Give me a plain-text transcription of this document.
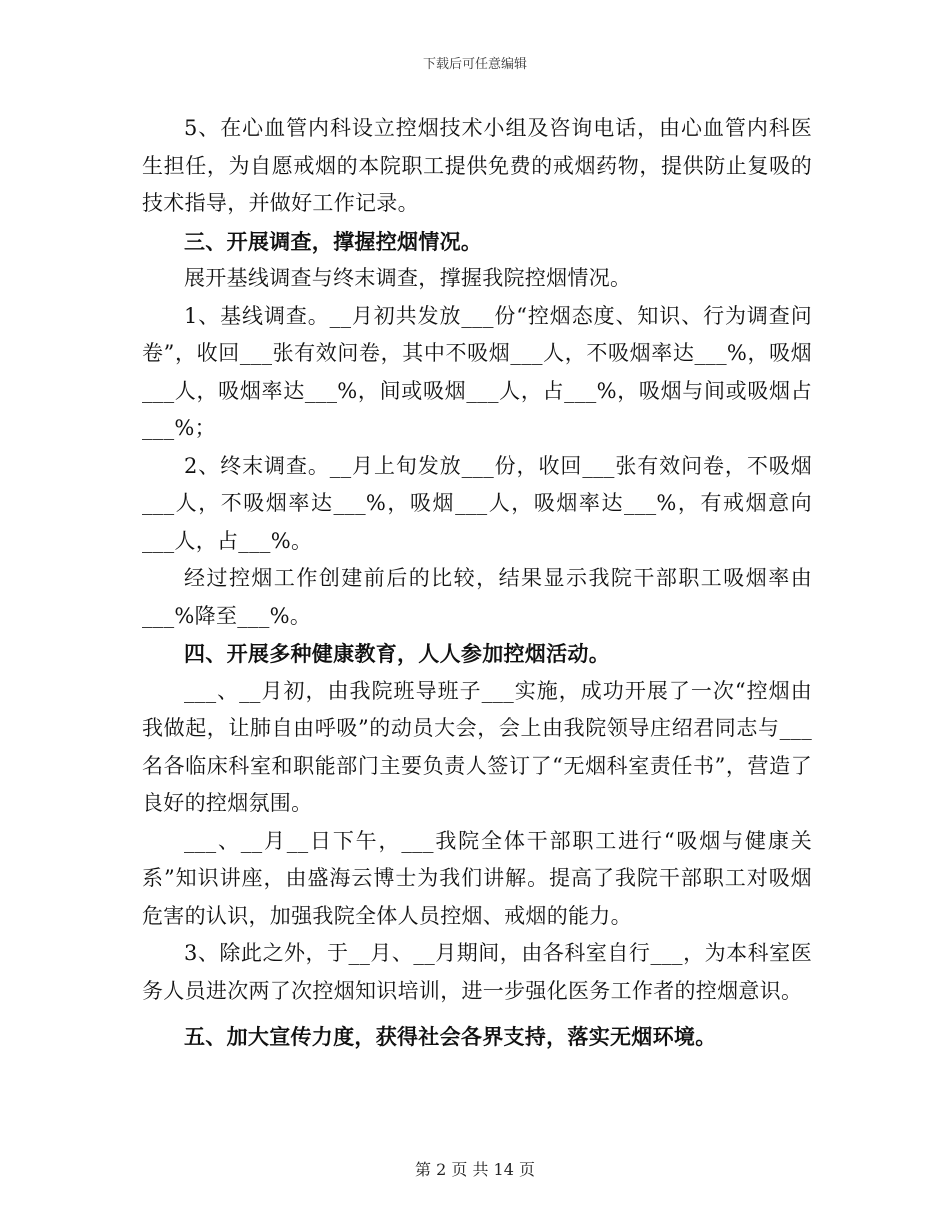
下载后可任意编辑

5、在心血管内科设立控烟技术小组及咨询电话，由心血管内科医生担任，为自愿戒烟的本院职工提供免费的戒烟药物，提供防止复吸的技术指导，并做好工作记录。

三、开展调查，撑握控烟情况。

展开基线调查与终末调查，撑握我院控烟情况。

1、基线调查。__月初共发放___份“控烟态度、知识、行为调查问卷”，收回___张有效问卷，其中不吸烟___人，不吸烟率达___%，吸烟___人，吸烟率达___%，间或吸烟___人，占___%，吸烟与间或吸烟占___%；

2、终末调查。__月上旬发放___份，收回___张有效问卷，不吸烟___人，不吸烟率达___%，吸烟___人，吸烟率达___%，有戒烟意向___人，占___%。

经过控烟工作创建前后的比较，结果显示我院干部职工吸烟率由___%降至___%。

四、开展多种健康教育，人人参加控烟活动。

___、__月初，由我院班导班子___实施，成功开展了一次“控烟由我做起，让肺自由呼吸”的动员大会，会上由我院领导庄绍君同志与___名各临床科室和职能部门主要负责人签订了“无烟科室责任书”，营造了良好的控烟氛围。

___、__月__日下午，___我院全体干部职工进行“吸烟与健康关系”知识讲座，由盛海云博士为我们讲解。提高了我院干部职工对吸烟危害的认识，加强我院全体人员控烟、戒烟的能力。

3、除此之外，于__月、__月期间，由各科室自行___，为本科室医务人员进次两了次控烟知识培训，进一步强化医务工作者的控烟意识。

五、加大宣传力度，获得社会各界支持，落实无烟环境。

第 2 页 共 14 页
